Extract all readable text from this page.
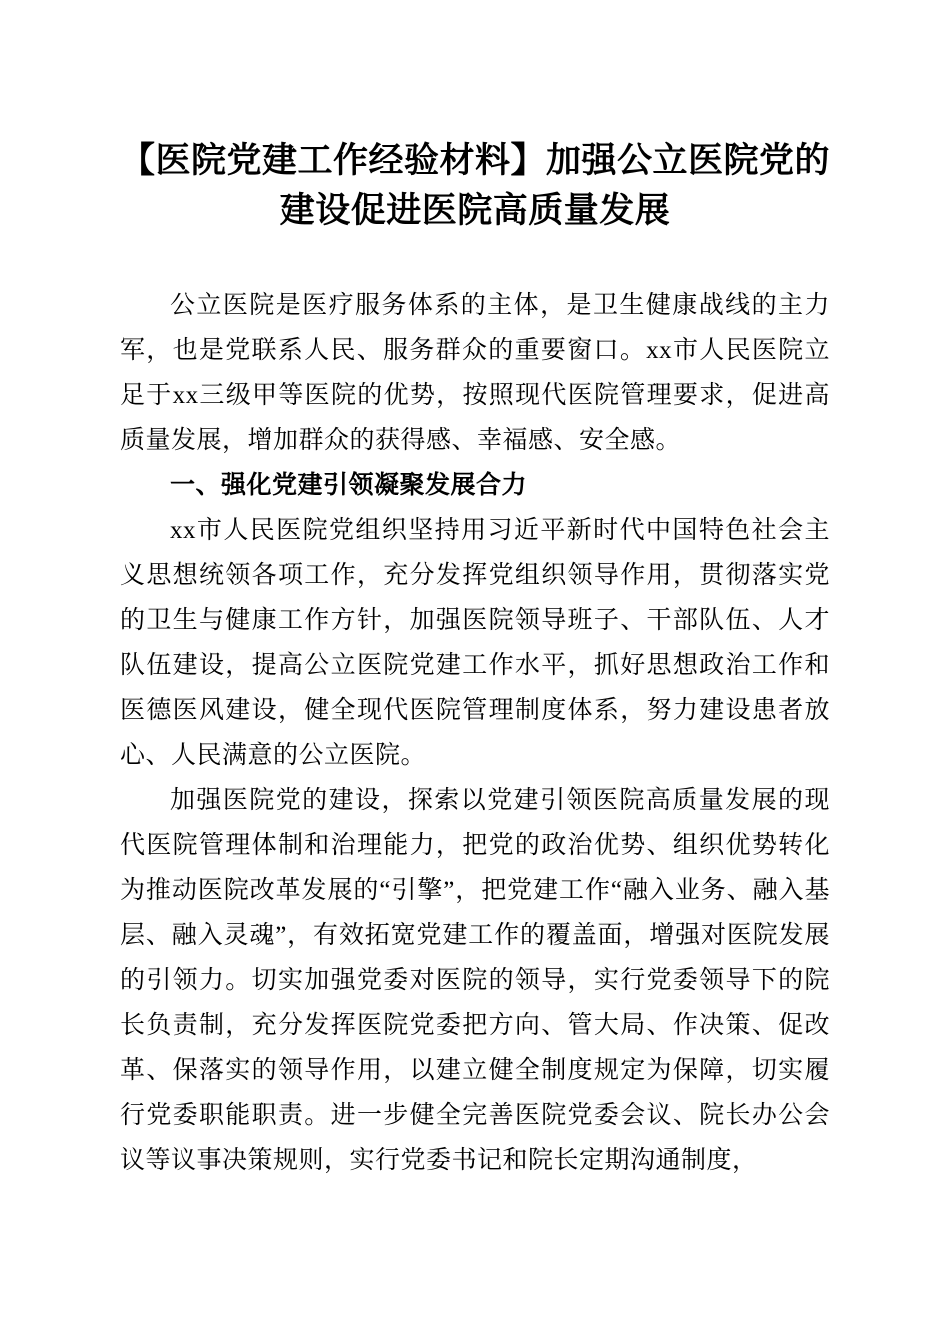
【医院党建工作经验材料】加强公立医院党的建设促进医院高质量发展

公立医院是医疗服务体系的主体，是卫生健康战线的主力军，也是党联系人民、服务群众的重要窗口。xx市人民医院立足于xx三级甲等医院的优势，按照现代医院管理要求，促进高质量发展，增加群众的获得感、幸福感、安全感。

一、强化党建引领凝聚发展合力

xx市人民医院党组织坚持用习近平新时代中国特色社会主义思想统领各项工作，充分发挥党组织领导作用，贯彻落实党的卫生与健康工作方针，加强医院领导班子、干部队伍、人才队伍建设，提高公立医院党建工作水平，抓好思想政治工作和医德医风建设，健全现代医院管理制度体系，努力建设患者放心、人民满意的公立医院。

加强医院党的建设，探索以党建引领医院高质量发展的现代医院管理体制和治理能力，把党的政治优势、组织优势转化为推动医院改革发展的“引擎”，把党建工作“融入业务、融入基层、融入灵魂”，有效拓宽党建工作的覆盖面，增强对医院发展的引领力。切实加强党委对医院的领导，实行党委领导下的院长负责制，充分发挥医院党委把方向、管大局、作决策、促改革、保落实的领导作用，以建立健全制度规定为保障，切实履行党委职能职责。进一步健全完善医院党委会议、院长办公会议等议事决策规则，实行党委书记和院长定期沟通制度，
